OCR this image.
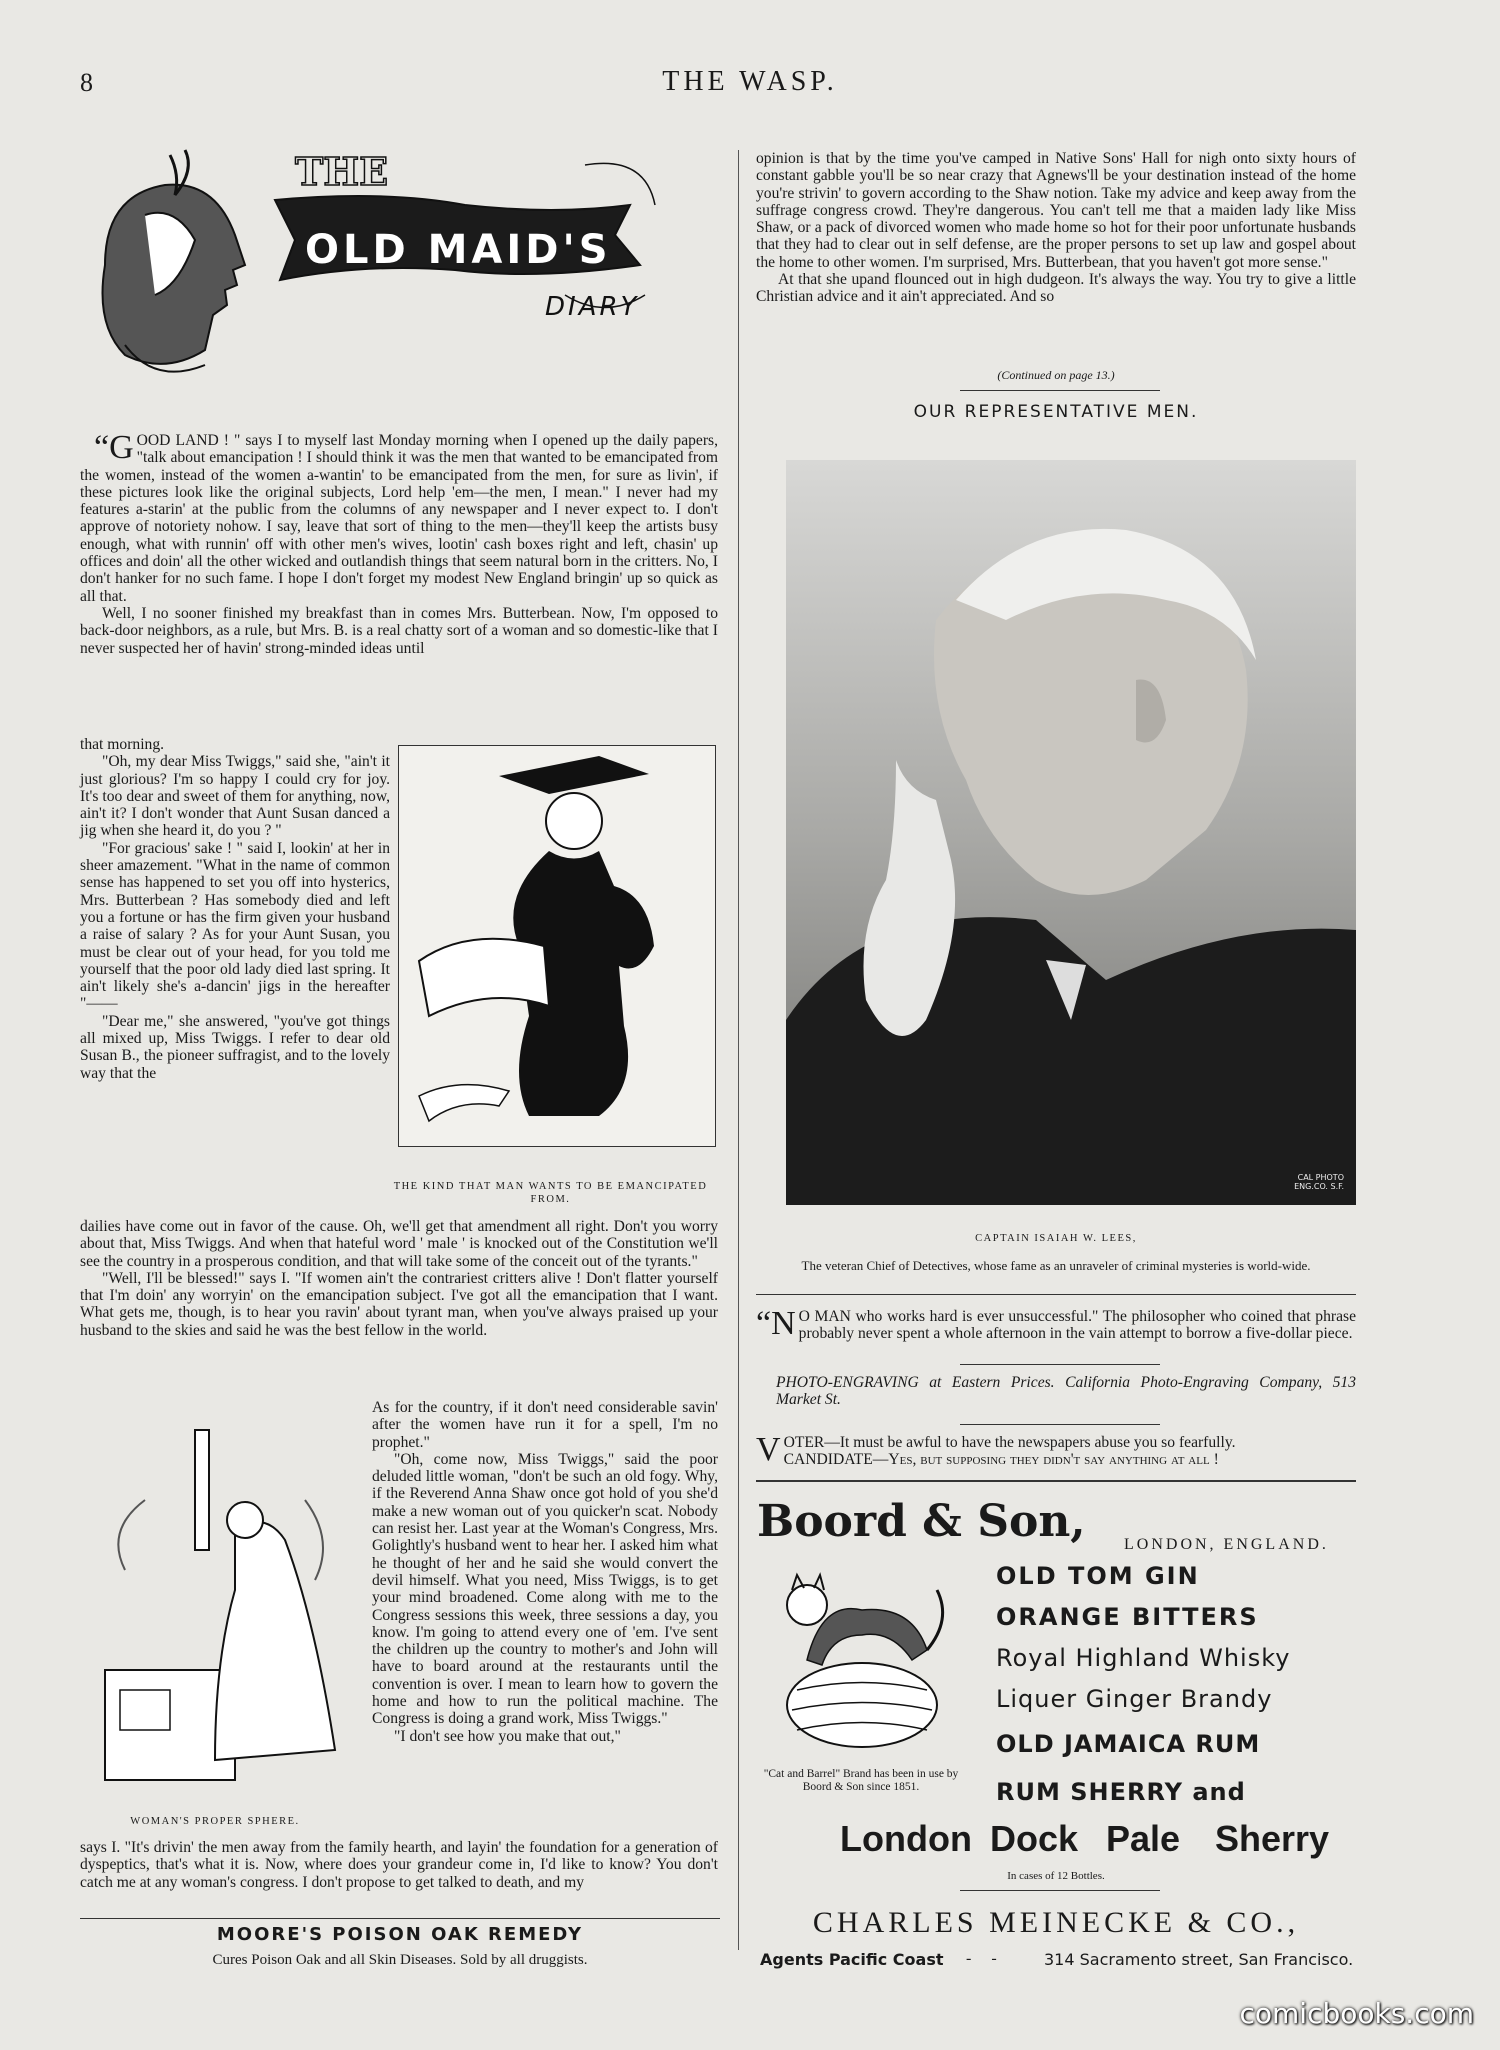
8	THE WASP.
THE
OLD MAID'S
DIARY

“G OOD LAND ! " says I to myself last Monday morning when I opened up the daily papers, "talk about emancipation ! I should think it was the men that wanted to be emancipated from the women, instead of the women a-wantin' to be emancipated from the men, for sure as livin', if these pictures look like the original subjects, Lord help 'em—the men, I mean." I never had my features a-starin' at the public from the columns of any newspaper and I never expect to. I don't approve of notoriety nohow. I say, leave that sort of thing to the men—they'll keep the artists busy enough, what with runnin' off with other men's wives, lootin' cash boxes right and left, chasin' up offices and doin' all the other wicked and outlandish things that seem natural born in the critters. No, I don't hanker for no such fame. I hope I don't forget my modest New England bringin' up so quick as all that.

Well, I no sooner finished my breakfast than in comes Mrs. Butterbean. Now, I'm opposed to back-door neighbors, as a rule, but Mrs. B. is a real chatty sort of a woman and so domestic-like that I never suspected her of havin' strong-minded ideas until

that morning.

"Oh, my dear Miss Twiggs," said she, "ain't it just glorious? I'm so happy I could cry for joy. It's too dear and sweet of them for anything, now, ain't it? I don't wonder that Aunt Susan danced a jig when she heard it, do you ? "

"For gracious' sake ! " said I, lookin' at her in sheer amazement. "What in the name of common sense has happened to set you off into hysterics, Mrs. Butterbean ? Has somebody died and left you a fortune or has the firm given your husband a raise of salary ? As for your Aunt Susan, you must be clear out of your head, for you told me yourself that the poor old lady died last spring. It ain't likely she's a-dancin' jigs in the hereafter "——

"Dear me," she answered, "you've got things all mixed up, Miss Twiggs. I refer to dear old Susan B., the pioneer suffragist, and to the lovely way that the

THE KIND THAT MAN WANTS TO BE EMANCIPATED FROM.

dailies have come out in favor of the cause. Oh, we'll get that amendment all right. Don't you worry about that, Miss Twiggs. And when that hateful word ' male ' is knocked out of the Constitution we'll see the country in a prosperous condition, and that will take some of the conceit out of the tyrants."

"Well, I'll be blessed!" says I. "If women ain't the contrariest critters alive ! Don't flatter yourself that I'm doin' any worryin' on the emancipation subject. I've got all the emancipation that I want. What gets me, though, is to hear you ravin' about tyrant man, when you've always praised up your husband to the skies and said he was the best fellow in the world.

WOMAN'S PROPER SPHERE.

As for the country, if it don't need considerable savin' after the women have run it for a spell, I'm no prophet."

"Oh, come now, Miss Twiggs," said the poor deluded little woman, "don't be such an old fogy. Why, if the Reverend Anna Shaw once got hold of you she'd make a new woman out of you quicker'n scat. Nobody can resist her. Last year at the Woman's Congress, Mrs. Golightly's husband went to hear her. I asked him what he thought of her and he said she would convert the devil himself. What you need, Miss Twiggs, is to get your mind broadened. Come along with me to the Congress sessions this week, three sessions a day, you know. I'm going to attend every one of 'em. I've sent the children up the country to mother's and John will have to board around at the restaurants until the convention is over. I mean to learn how to govern the home and how to run the political machine. The Congress is doing a grand work, Miss Twiggs."

"I don't see how you make that out,"

says I. "It's drivin' the men away from the family hearth, and layin' the foundation for a generation of dyspeptics, that's what it is. Now, where does your grandeur come in, I'd like to know? You don't catch me at any woman's congress. I don't propose to get talked to death, and my

MOORE'S POISON OAK REMEDY
Cures Poison Oak and all Skin Diseases. Sold by all druggists.

opinion is that by the time you've camped in Native Sons' Hall for nigh onto sixty hours of constant gabble you'll be so near crazy that Agnews'll be your destination instead of the home you're strivin' to govern according to the Shaw notion. Take my advice and keep away from the suffrage congress crowd. They're dangerous. You can't tell me that a maiden lady like Miss Shaw, or a pack of divorced women who made home so hot for their poor unfortunate husbands that they had to clear out in self defense, are the proper persons to set up law and gospel about the home to other women. I'm surprised, Mrs. Butterbean, that you haven't got more sense."

At that she upand flounced out in high dudgeon. It's always the way. You try to give a little Christian advice and it ain't appreciated. And so

(Continued on page 13.)
OUR REPRESENTATIVE MEN.
CAL PHOTO ENG.CO. S.F.
CAPTAIN ISAIAH W. LEES,
The veteran Chief of Detectives, whose fame as an unraveler of criminal mysteries is world-wide.

“N O MAN who works hard is ever unsuccessful." The philosopher who coined that phrase probably never spent a whole afternoon in the vain attempt to borrow a five-dollar piece.

PHOTO-ENGRAVING at Eastern Prices. California Photo-Engraving Company, 513 Market St.

VOTER—It must be awful to have the newspapers abuse you so fearfully.
CANDIDATE—Yes, but supposing they didn't say anything at all !

Boord & Son, LONDON, ENGLAND.
"Cat and Barrel" Brand has been in use by Boord & Son since 1851.
OLD TOM GIN
ORANGE BITTERS
Royal Highland Whisky
Liquer Ginger Brandy
OLD JAMAICA RUM
RUM SHERRY and
London Dock Pale Sherry
In cases of 12 Bottles.
CHARLES MEINECKE & CO.,
Agents Pacific Coast - - 314 Sacramento street, San Francisco.
comicbooks.com
